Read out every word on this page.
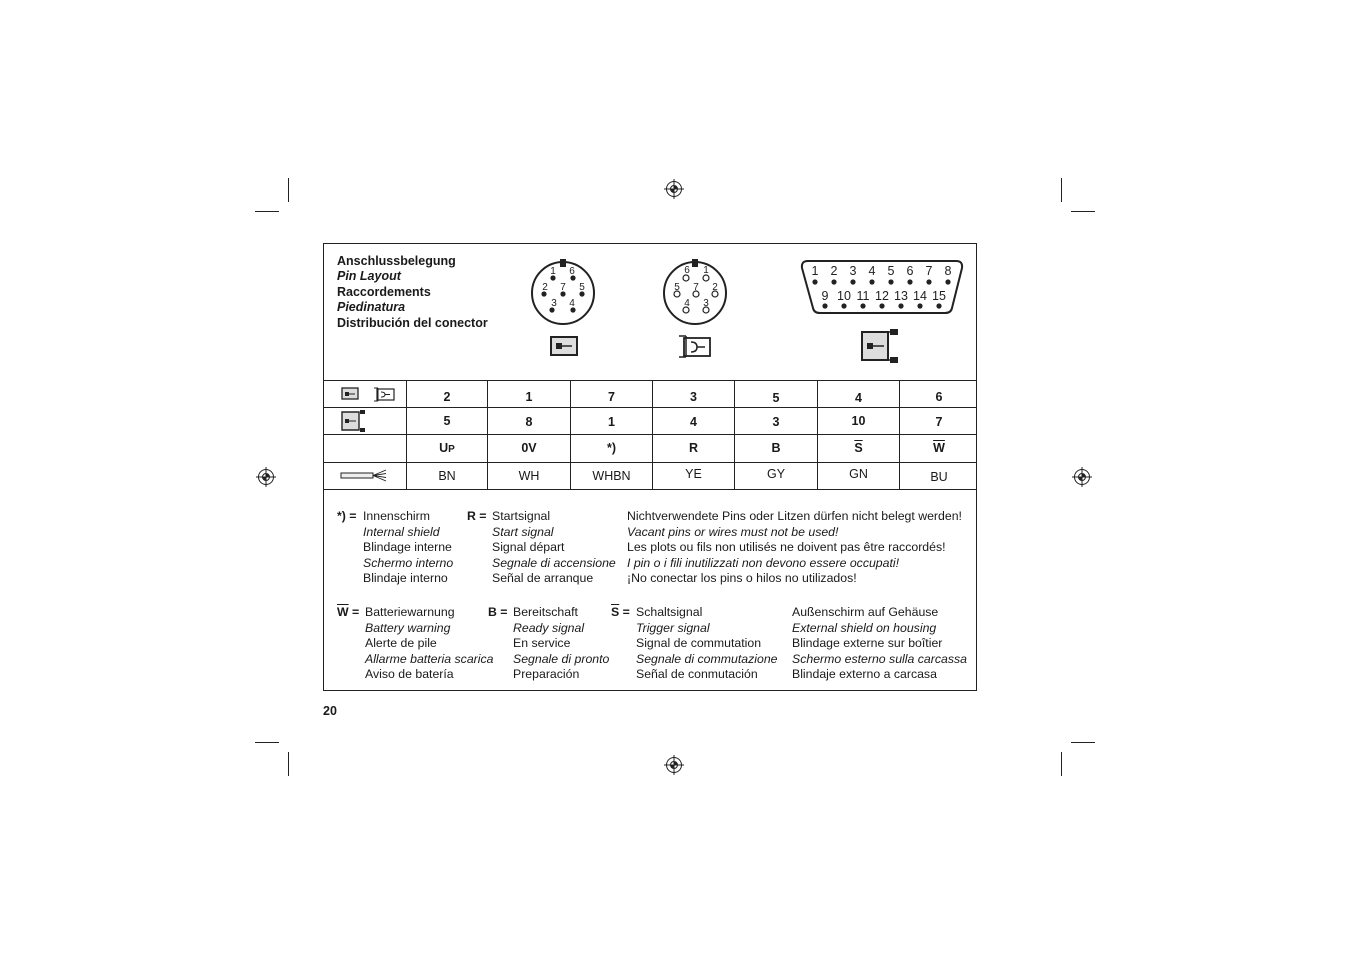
Anschlussbelegung
Pin Layout
Raccordements
Piedinatura
Distribución del conector
1 6
2 7 5
3 4
6 1
5 7 2
4 3
1 2 3 4 5 6 7 8
9 10 11 12 13 14 15
2	1	7	3	5	4	6
5	8	1	4	3	10	7
UP	0V	*)	R	B	$\overline{S}$	$\overline{W}$
BN	WH	WHBN	YE	GY	GN	BU
*) = Innenschirm
Internal shield
Blindage interne
Schermo interno
Blindaje interno
R = Startsignal
Start signal
Signal départ
Segnale di accensione
Señal de arranque
Nichtverwendete Pins oder Litzen dürfen nicht belegt werden!
Vacant pins or wires must not be used!
Les plots ou fils non utilisés ne doivent pas être raccordés!
I pin o i fili inutilizzati non devono essere occupati!
¡No conectar los pins o hilos no utilizados!
$\overline{W}$ = Batteriewarnung
Battery warning
Alerte de pile
Allarme batteria scarica
Aviso de batería
B = Bereitschaft
Ready signal
En service
Segnale di pronto
Preparación
$\overline{S}$ = Schaltsignal
Trigger signal
Signal de commutation
Segnale di commutazione
Señal de conmutación
Außenschirm auf Gehäuse
External shield on housing
Blindage externe sur boîtier
Schermo esterno sulla carcassa
Blindaje externo a carcasa
20
